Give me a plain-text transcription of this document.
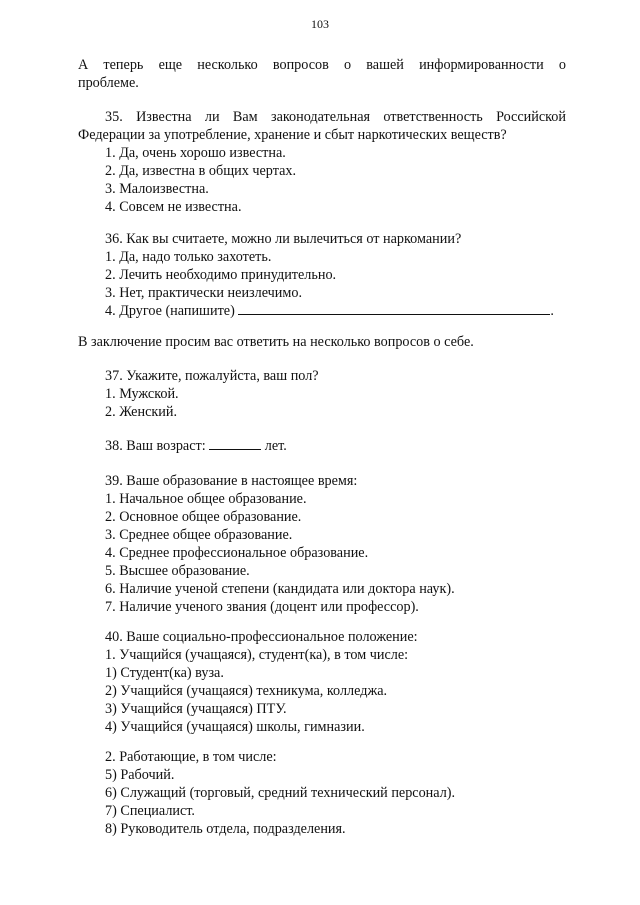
103
А теперь еще несколько вопросов о вашей информированности о
проблеме.
35. Известна ли Вам законодательная ответственность Российской
Федерации за употребление, хранение и сбыт наркотических веществ?
1. Да, очень хорошо известна.
2. Да, известна в общих чертах.
3. Малоизвестна.
4. Совсем не известна.
36. Как вы считаете, можно ли вылечиться от наркомании?
1. Да, надо только захотеть.
2. Лечить необходимо принудительно.
3. Нет, практически неизлечимо.
4. Другое (напишите)	.
В заключение просим вас ответить на несколько вопросов о себе.
37. Укажите, пожалуйста, ваш пол?
1. Мужской.
2. Женский.
38. Ваш возраст:	лет.
39. Ваше образование в настоящее время:
1. Начальное общее образование.
2. Основное общее образование.
3. Среднее общее образование.
4. Среднее профессиональное образование.
5. Высшее образование.
6. Наличие ученой степени (кандидата или доктора наук).
7. Наличие ученого звания (доцент или профессор).
40. Ваше социально-профессиональное положение:
1. Учащийся (учащаяся), студент(ка), в том числе:
1) Студент(ка) вуза.
2) Учащийся (учащаяся) техникума, колледжа.
3) Учащийся (учащаяся) ПТУ.
4) Учащийся (учащаяся) школы, гимназии.
2. Работающие, в том числе:
5) Рабочий.
6) Служащий (торговый, средний технический персонал).
7) Специалист.
8) Руководитель отдела, подразделения.
